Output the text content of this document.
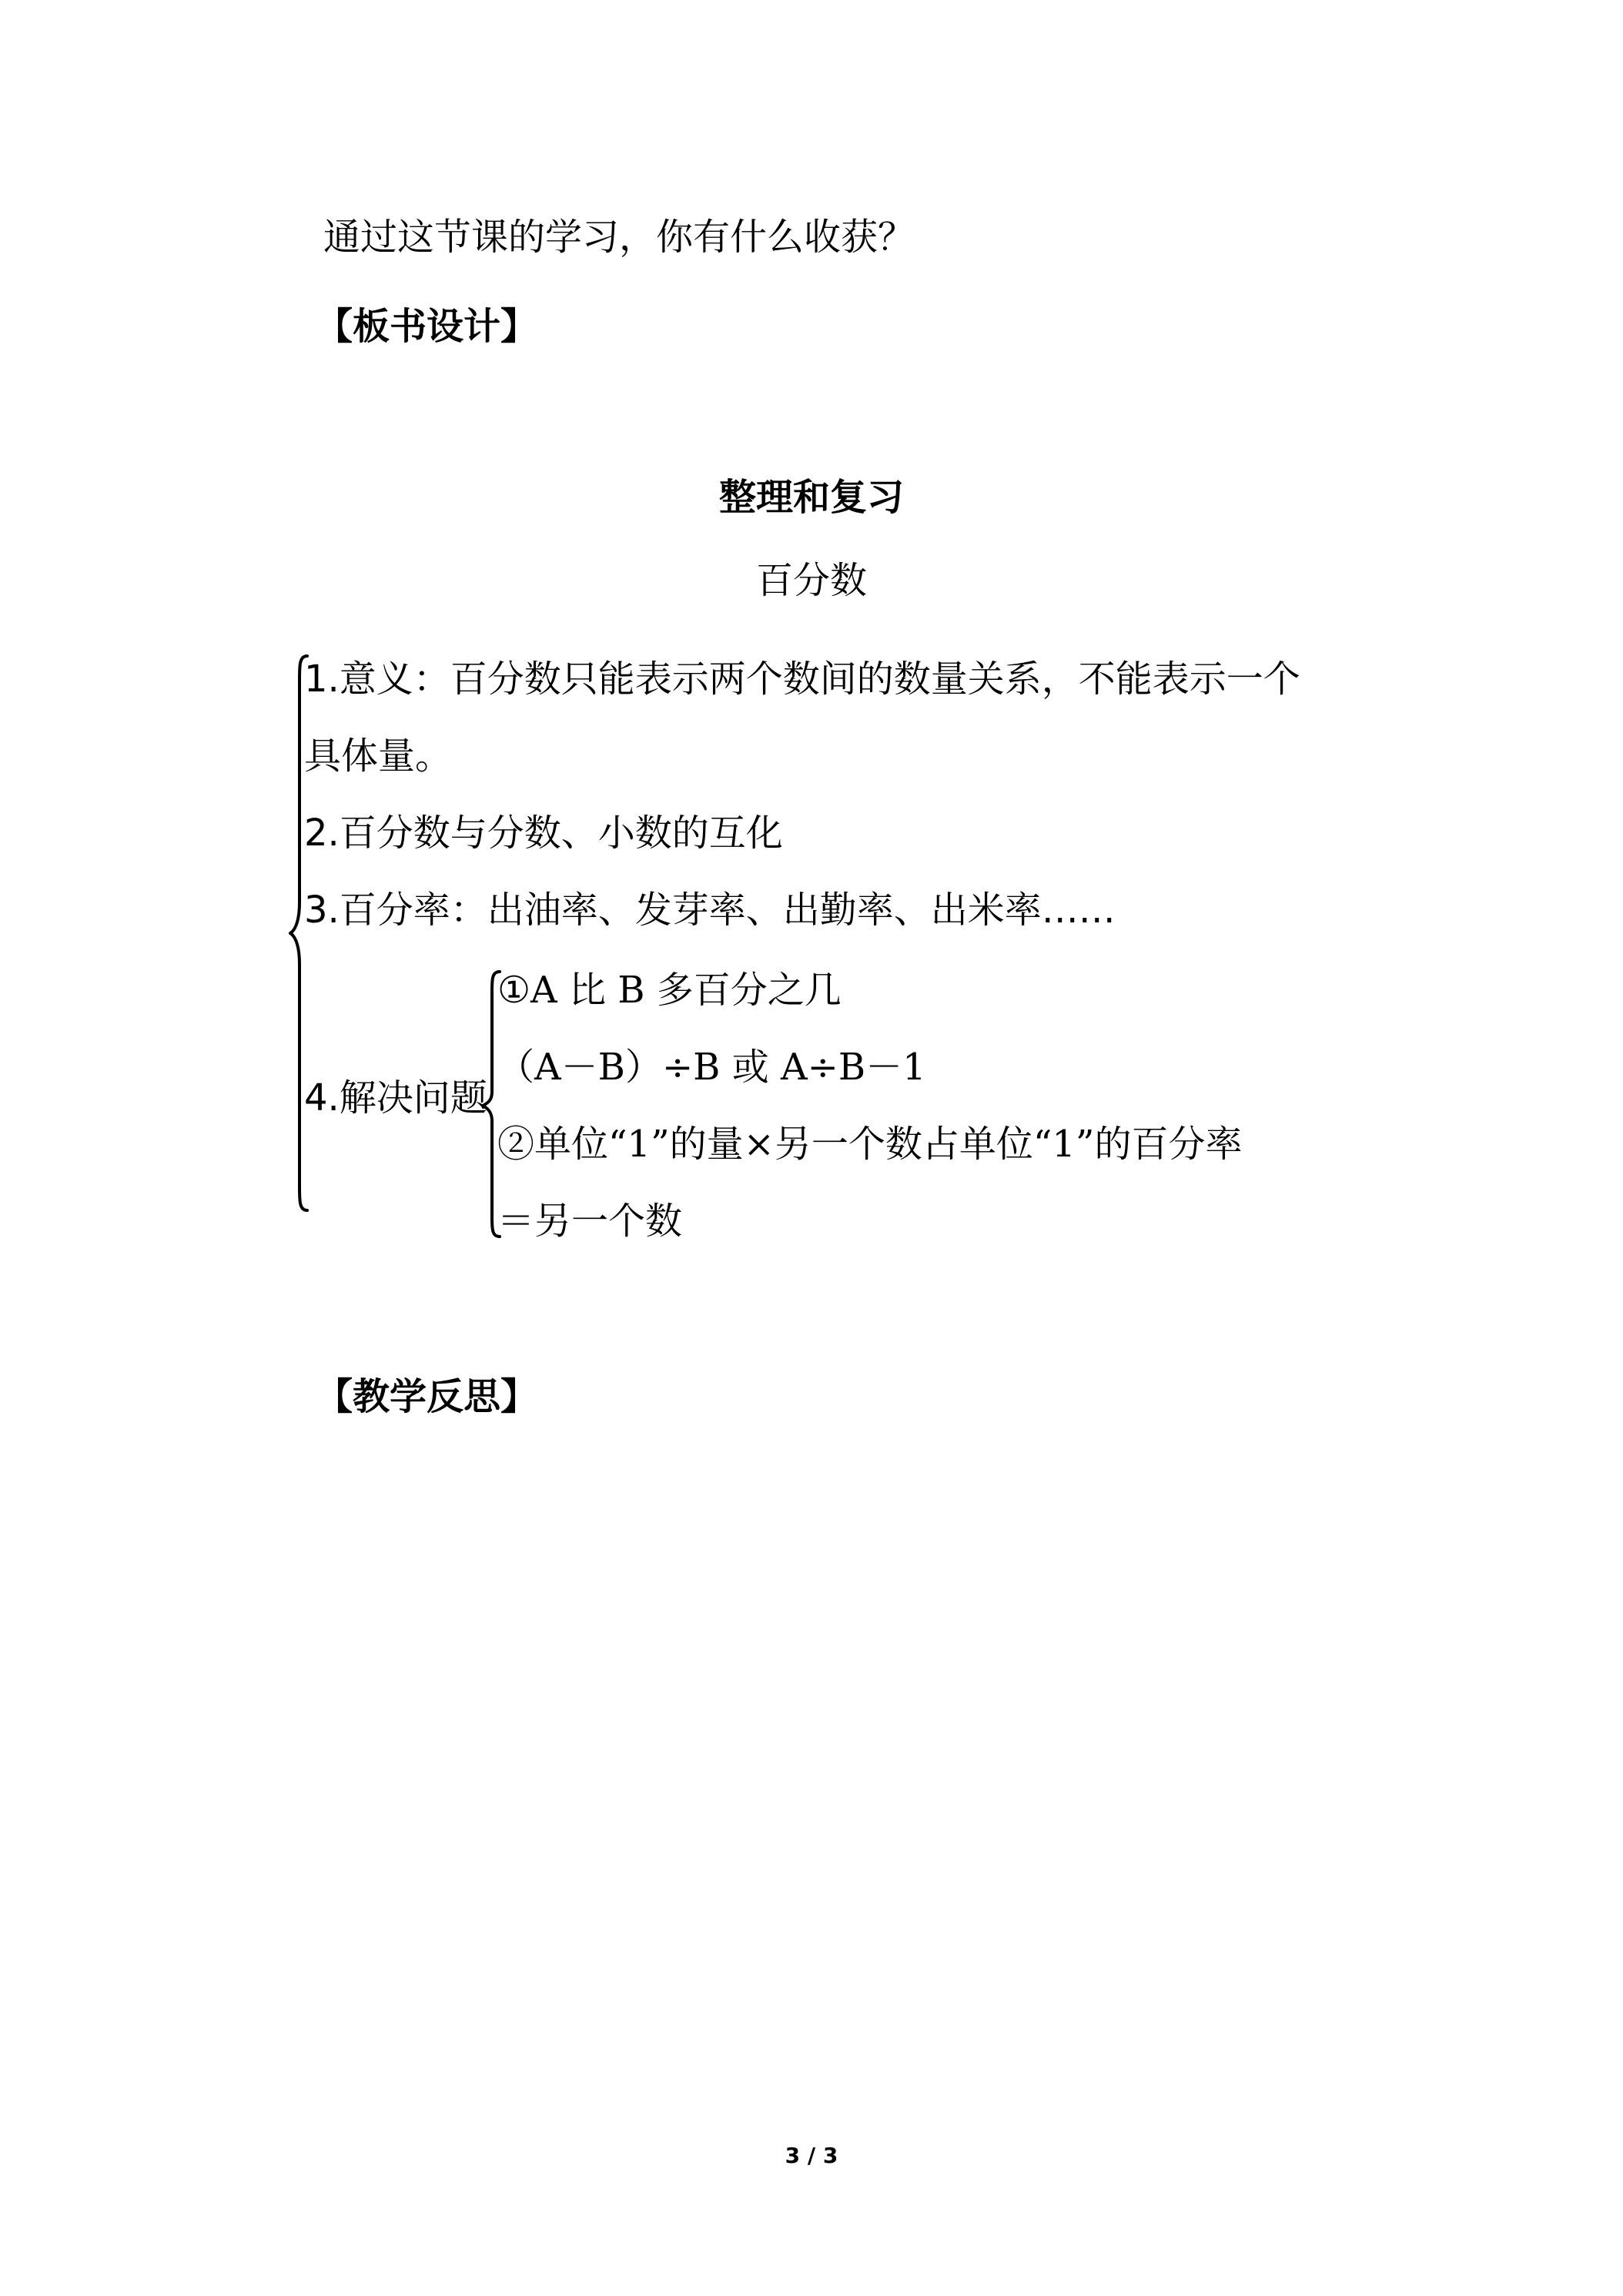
通过这节课的学习，你有什么收获？
【板书设计】
整理和复习
百分数
1.意义：百分数只能表示两个数间的数量关系，不能表示一个
具体量。
2.百分数与分数、小数的互化
3.百分率：出油率、发芽率、出勤率、出米率……
4.解决问题
①A 比 B 多百分之几
（A－B）÷B 或 A÷B－1
②单位“1”的量×另一个数占单位“1”的百分率
＝另一个数
【教学反思】
3 / 3
